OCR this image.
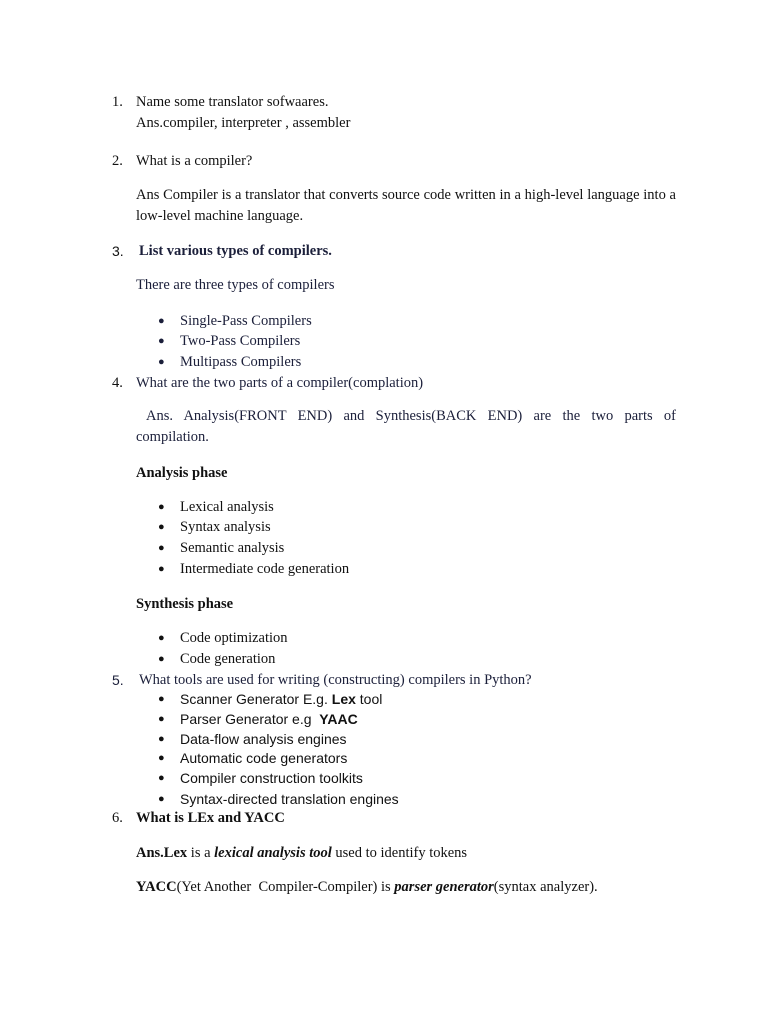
1. Name some translator sofwaares.
Ans.compiler, interpreter , assembler
2. What is a compiler?
Ans Compiler is a translator that converts source code written in a high-level language into a low-level machine language.
3.	List various types of compilers.
There are three types of compilers
● Single-Pass Compilers
● Two-Pass Compilers
● Multipass Compilers
4. What are the two parts of a compiler(complation)
Ans. Analysis(FRONT END) and Synthesis(BACK END) are the two parts of compilation.
Analysis phase
● Lexical analysis
● Syntax analysis
● Semantic analysis
● Intermediate code generation
Synthesis phase
● Code optimization
● Code generation
5.	What tools are used for writing (constructing) compilers in Python?
● Scanner Generator E.g. Lex tool
● Parser Generator e.g  YAAC
● Data-flow analysis engines
● Automatic code generators
● Compiler construction toolkits
● Syntax-directed translation engines
6. What is LEx and YACC
Ans.Lex is a lexical analysis tool used to identify tokens
YACC(Yet Another  Compiler-Compiler) is parser generator(syntax analyzer).
